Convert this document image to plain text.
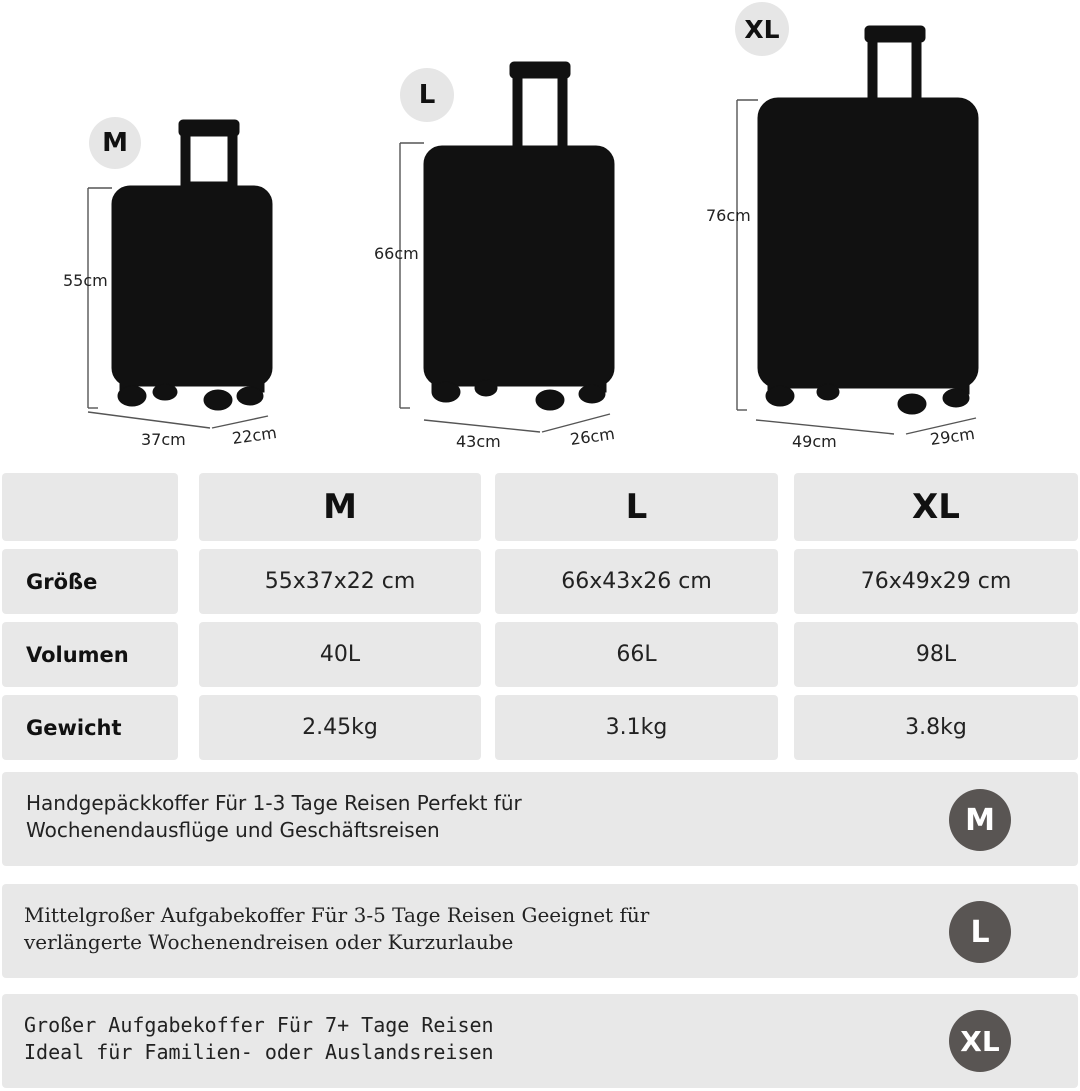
M
L
XL
55cm
37cm	22cm
66cm
43cm	26cm
76cm
49cm	29cm
M	L	XL
Größe	55x37x22 cm	66x43x26 cm	76x49x29 cm
Volumen	40L	66L	98L
Gewicht	2.45kg	3.1kg	3.8kg
Handgepäckkoffer Für 1-3 Tage Reisen Perfekt für
Wochenendausflüge und Geschäftsreisen	M
Mittelgroßer Aufgabekoffer Für 3-5 Tage Reisen Geeignet für
verlängerte Wochenendreisen oder Kurzurlaube	L
Großer Aufgabekoffer Für 7+ Tage Reisen
Ideal für Familien- oder Auslandsreisen	XL
